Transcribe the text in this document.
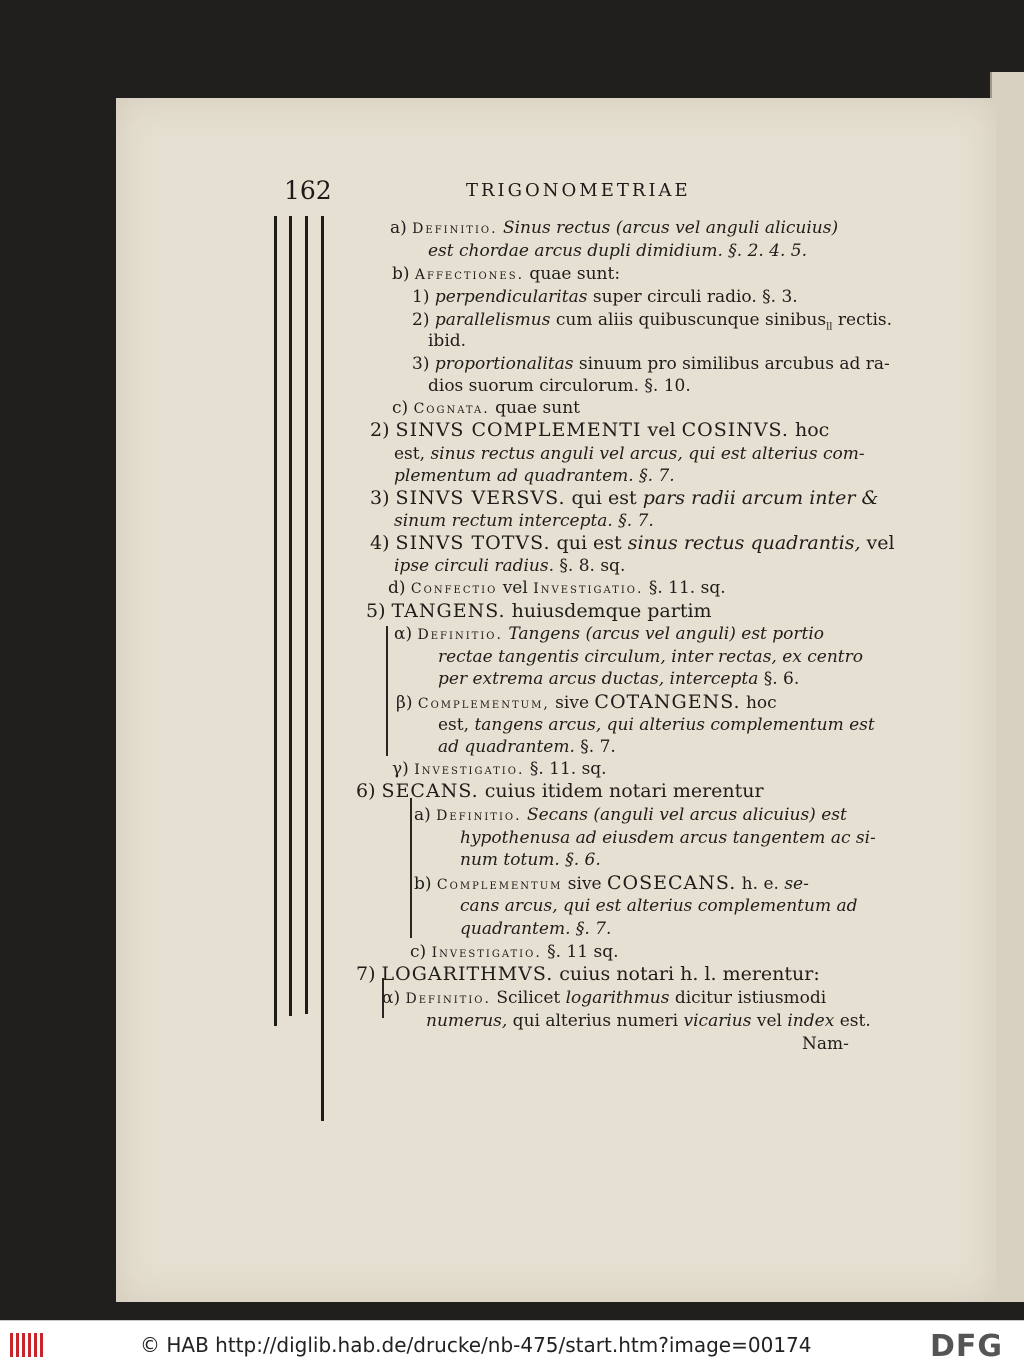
162	TRIGONOMETRIAE
a) Definitio. Sinus rectus (arcus vel anguli alicuius)
est chordae arcus dupli dimidium. §. 2. 4. 5.
b) Affectiones. quae sunt:
1) perpendicularitas super circuli radio. §. 3.
2) parallelismus cum aliis quibuscunque sinibus$_{ll}$ rectis.
ibid.
3) proportionalitas sinuum pro similibus arcubus ad ra-
dios suorum circulorum. §. 10.
c) Cognata. quae sunt
2) SINVS COMPLEMENTI vel COSINVS. hoc
est, sinus rectus anguli vel arcus, qui est alterius com-
plementum ad quadrantem. §. 7.
3) SINVS VERSVS. qui est pars radii arcum inter &
sinum rectum intercepta. §. 7.
4) SINVS TOTVS. qui est sinus rectus quadrantis, vel
ipse circuli radius. §. 8. sq.
d) Confectio vel Investigatio. §. 11. sq.
5) TANGENS. huiusdemque partim
α) Definitio. Tangens (arcus vel anguli) est portio
rectae tangentis circulum, inter rectas, ex centro
per extrema arcus ductas, intercepta §. 6.
β) Complementum, sive COTANGENS. hoc
est, tangens arcus, qui alterius complementum est
ad quadrantem. §. 7.
γ) Investigatio. §. 11. sq.
6) SECANS. cuius itidem notari merentur
a) Definitio. Secans (anguli vel arcus alicuius) est
hypothenusa ad eiusdem arcus tangentem ac si-
num totum. §. 6.
b) Complementum sive COSECANS. h. e. se-
cans arcus, qui est alterius complementum ad
quadrantem. §. 7.
c) Investigatio. §. 11 sq.
7) LOGARITHMVS. cuius notari h. l. merentur:
α) Definitio. Scilicet logarithmus dicitur istiusmodi
numerus, qui alterius numeri vicarius vel index est.
Nam-
© HAB http://diglib.hab.de/drucke/nb-475/start.htm?image=00174	DFG
